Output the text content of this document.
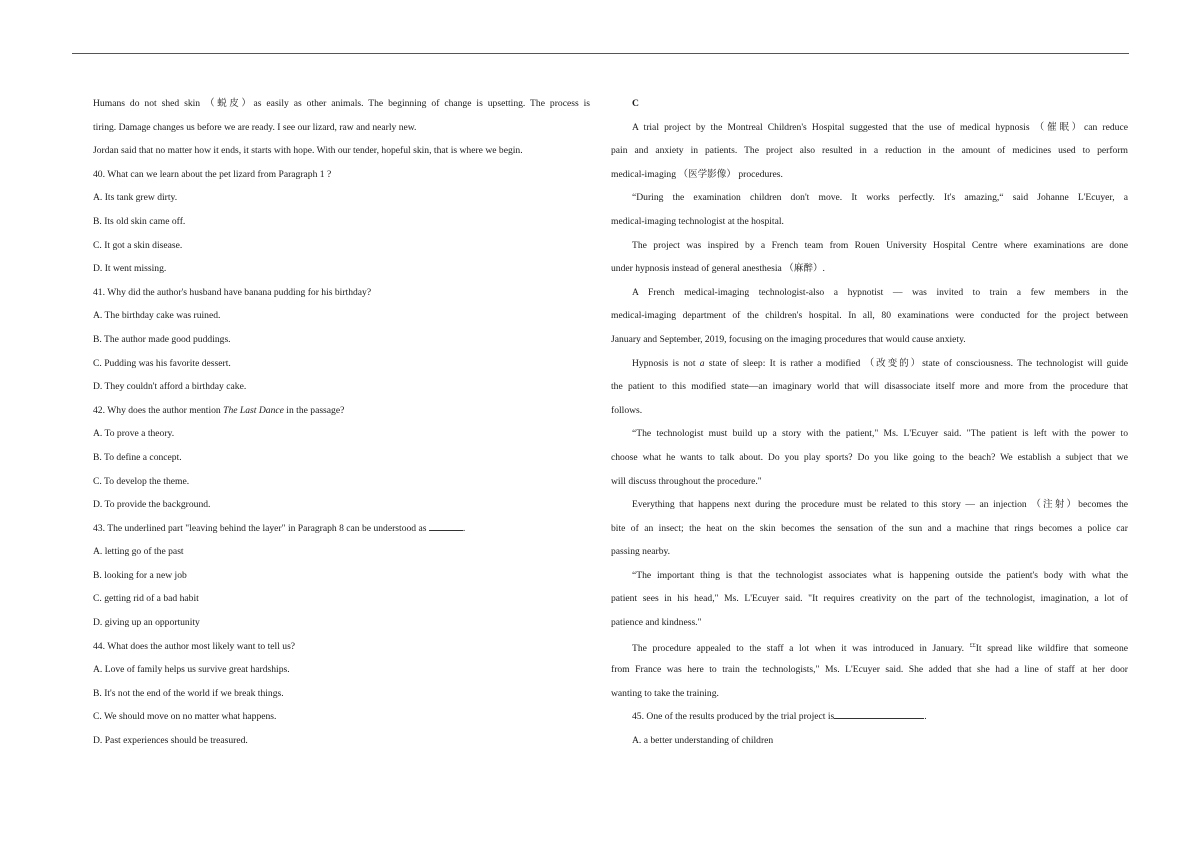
Humans do not shed skin （蜕皮）as easily as other animals. The beginning of change is upsetting. The process is
tiring. Damage changes us before we are ready. I see our lizard, raw and nearly new.
Jordan said that no matter how it ends, it starts with hope. With our tender, hopeful skin, that is where we begin.
40. What can we learn about the pet lizard from Paragraph 1 ?
A. Its tank grew dirty.
B. Its old skin came off.
C. It got a skin disease.
D. It went missing.
41. Why did the author's husband have banana pudding for his birthday?
A. The birthday cake was ruined.
B. The author made good puddings.
C. Pudding was his favorite dessert.
D. They couldn't afford a birthday cake.
42. Why does the author mention The Last Dance in the passage?
A. To prove a theory.
B. To define a concept.
C. To develop the theme.
D. To provide the background.
43. The underlined part "leaving behind the layer" in Paragraph 8 can be understood as	.
A. letting go of the past
B. looking for a new job
C. getting rid of a bad habit
D. giving up an opportunity
44. What does the author most likely want to tell us?
A. Love of family helps us survive great hardships.
B. It's not the end of the world if we break things.
C. We should move on no matter what happens.
D. Past experiences should be treasured.
C
A trial project by the Montreal Children's Hospital suggested that the use of medical hypnosis （催眠）can reduce
pain and anxiety in patients. The project also resulted in a reduction in the amount of medicines used to perform
medical-imaging （医学影像） procedures.
“During the examination children don't move. It works perfectly. It's amazing,“ said Johanne L'Ecuyer, a
medical-imaging technologist at the hospital.
The project was inspired by a French team from Rouen University Hospital Centre where examinations are done
under hypnosis instead of general anesthesia （麻醉）.
A French medical-imaging technologist-also a hypnotist — was invited to train a few members in the
medical-imaging department of the children's hospital. In all, 80 examinations were conducted for the project between
January and September, 2019, focusing on the imaging procedures that would cause anxiety.
Hypnosis is not a state of sleep: It is rather a modified （改变的）state of consciousness. The technologist will guide
the patient to this modified state—an imaginary world that will disassociate itself more and more from the procedure that
follows.
“The technologist must build up a story with the patient," Ms. L'Ecuyer said. "The patient is left with the power to
choose what he wants to talk about. Do you play sports? Do you like going to the beach? We establish a subject that we
will discuss throughout the procedure."
Everything that happens next during the procedure must be related to this story — an injection （注射）becomes the
bite of an insect; the heat on the skin becomes the sensation of the sun and a machine that rings becomes a police car
passing nearby.
“The important thing is that the technologist associates what is happening outside the patient's body with what the
patient sees in his head," Ms. L'Ecuyer said. "It requires creativity on the part of the technologist, imagination, a lot of
patience and kindness."
The procedure appealed to the staff a lot when it was introduced in January. ££It spread like wildfire that someone
from France was here to train the technologists," Ms. L'Ecuyer said. She added that she had a line of staff at her door
wanting to take the training.
45. One of the results produced by the trial project is	.
A. a better understanding of children
